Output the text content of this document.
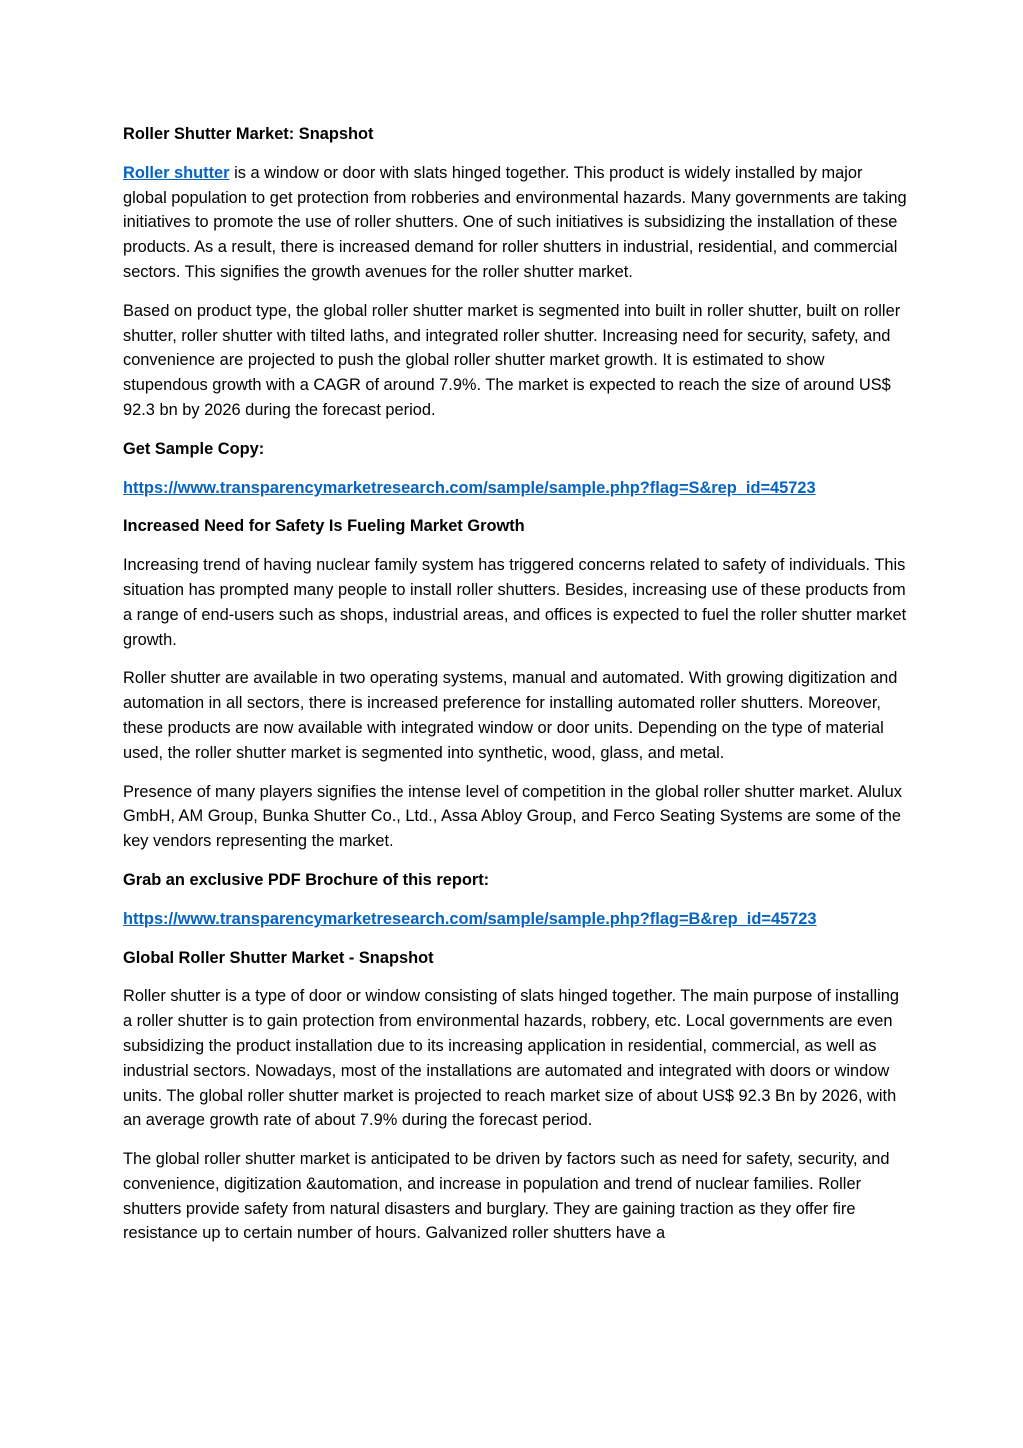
Roller Shutter Market: Snapshot
Roller shutter is a window or door with slats hinged together. This product is widely installed by major global population to get protection from robberies and environmental hazards. Many governments are taking initiatives to promote the use of roller shutters. One of such initiatives is subsidizing the installation of these products. As a result, there is increased demand for roller shutters in industrial, residential, and commercial sectors. This signifies the growth avenues for the roller shutter market.
Based on product type, the global roller shutter market is segmented into built in roller shutter, built on roller shutter, roller shutter with tilted laths, and integrated roller shutter. Increasing need for security, safety, and convenience are projected to push the global roller shutter market growth. It is estimated to show stupendous growth with a CAGR of around 7.9%. The market is expected to reach the size of around US$ 92.3 bn by 2026 during the forecast period.
Get Sample Copy:
https://www.transparencymarketresearch.com/sample/sample.php?flag=S&rep_id=45723
Increased Need for Safety Is Fueling Market Growth
Increasing trend of having nuclear family system has triggered concerns related to safety of individuals. This situation has prompted many people to install roller shutters. Besides, increasing use of these products from a range of end-users such as shops, industrial areas, and offices is expected to fuel the roller shutter market growth.
Roller shutter are available in two operating systems, manual and automated. With growing digitization and automation in all sectors, there is increased preference for installing automated roller shutters. Moreover, these products are now available with integrated window or door units. Depending on the type of material used, the roller shutter market is segmented into synthetic, wood, glass, and metal.
Presence of many players signifies the intense level of competition in the global roller shutter market. Alulux GmbH, AM Group, Bunka Shutter Co., Ltd., Assa Abloy Group, and Ferco Seating Systems are some of the key vendors representing the market.
Grab an exclusive PDF Brochure of this report:
https://www.transparencymarketresearch.com/sample/sample.php?flag=B&rep_id=45723
Global Roller Shutter Market - Snapshot
Roller shutter is a type of door or window consisting of slats hinged together. The main purpose of installing a roller shutter is to gain protection from environmental hazards, robbery, etc. Local governments are even subsidizing the product installation due to its increasing application in residential, commercial, as well as industrial sectors. Nowadays, most of the installations are automated and integrated with doors or window units. The global roller shutter market is projected to reach market size of about US$ 92.3 Bn by 2026, with an average growth rate of about 7.9% during the forecast period.
The global roller shutter market is anticipated to be driven by factors such as need for safety, security, and convenience, digitization &automation, and increase in population and trend of nuclear families. Roller shutters provide safety from natural disasters and burglary. They are gaining traction as they offer fire resistance up to certain number of hours. Galvanized roller shutters have a
